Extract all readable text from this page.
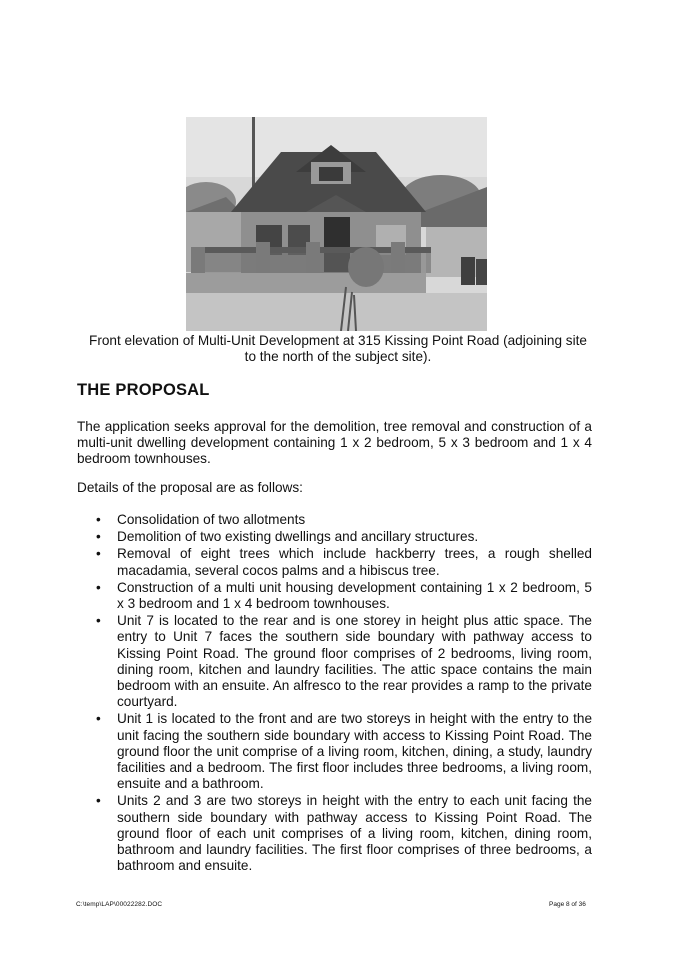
Front elevation of Multi-Unit Development at 315 Kissing Point Road (adjoining site
to the north of the subject site).
THE PROPOSAL
The application seeks approval for the demolition, tree removal and construction of a multi-unit dwelling development containing 1 x 2 bedroom, 5 x 3 bedroom and 1 x 4 bedroom townhouses.
Details of the proposal are as follows:
•	Consolidation of two allotments
•	Demolition of two existing dwellings and ancillary structures.
•	Removal of eight trees which include hackberry trees, a rough shelled macadamia, several cocos palms and a hibiscus tree.
•	Construction of a multi unit housing development containing 1 x 2 bedroom, 5 x 3 bedroom and 1 x 4 bedroom townhouses.
•	Unit 7 is located to the rear and is one storey in height plus attic space. The entry to Unit 7 faces the southern side boundary with pathway access to Kissing Point Road. The ground floor comprises of 2 bedrooms, living room, dining room, kitchen and laundry facilities. The attic space contains the main bedroom with an ensuite. An alfresco to the rear provides a ramp to the private courtyard.
•	Unit 1 is located to the front and are two storeys in height with the entry to the unit facing the southern side boundary with access to Kissing Point Road. The ground floor the unit comprise of a living room, kitchen, dining, a study, laundry facilities and a bedroom. The first floor includes three bedrooms, a living room, ensuite and a bathroom.
•	Units 2 and 3 are two storeys in height with the entry to each unit facing the southern side boundary with pathway access to Kissing Point Road. The ground floor of each unit comprises of a living room, kitchen, dining room, bathroom and laundry facilities. The first floor comprises of three bedrooms, a bathroom and ensuite.
C:\temp\LAP\00022282.DOC	Page 8 of 36
